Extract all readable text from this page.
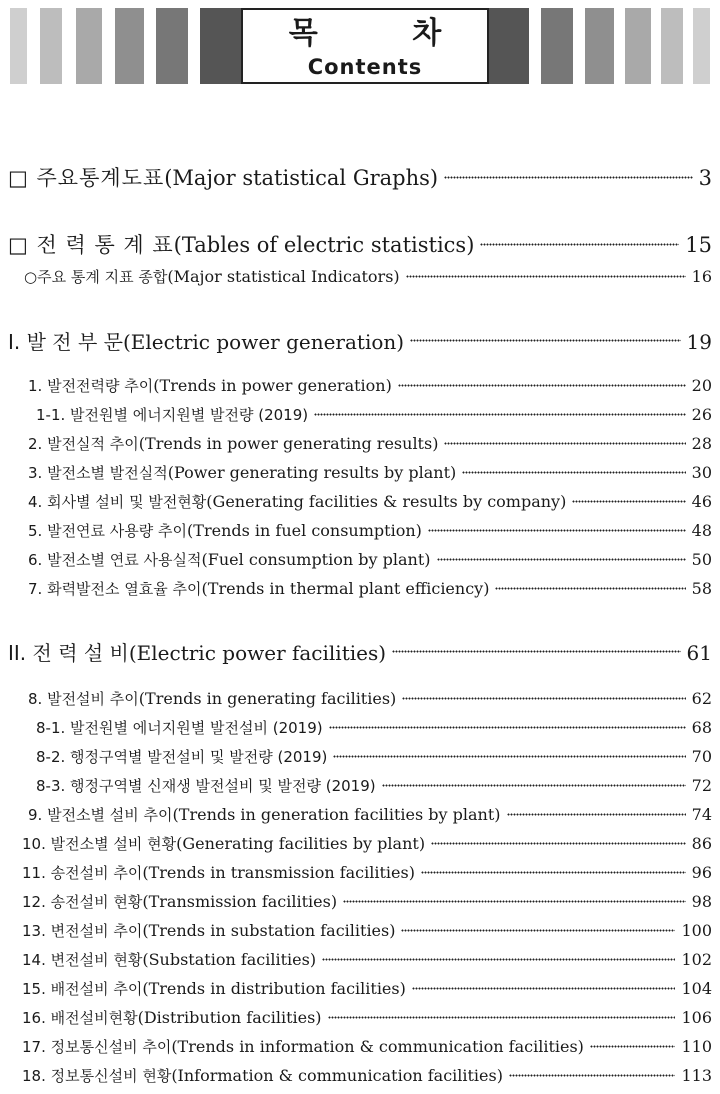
목 차
Contents
□ 주요통계도표 (Major statistical Graphs)	3
□ 전 력 통 계 표 (Tables of electric statistics)	15
○주요 통계 지표 종합 (Major statistical Indicators)	16
I. 발 전 부 문 (Electric power generation)	19
1. 발전전력량 추이 (Trends in power generation)	20
1-1. 발전원별 에너지원별 발전량 (2019)	26
2. 발전실적 추이 (Trends in power generating results)	28
3. 발전소별 발전실적 (Power generating results by plant)	30
4. 회사별 설비 및 발전현황 (Generating facilities & results by company)	46
5. 발전연료 사용량 추이 (Trends in fuel consumption)	48
6. 발전소별 연료 사용실적 (Fuel consumption by plant)	50
7. 화력발전소 열효율 추이 (Trends in thermal plant efficiency)	58
II. 전 력 설 비 (Electric power facilities)	61
8. 발전설비 추이 (Trends in generating facilities)	62
8-1. 발전원별 에너지원별 발전설비 (2019)	68
8-2. 행정구역별 발전설비 및 발전량 (2019)	70
8-3. 행정구역별 신재생 발전설비 및 발전량 (2019)	72
9. 발전소별 설비 추이 (Trends in generation facilities by plant)	74
10. 발전소별 설비 현황 (Generating facilities by plant)	86
11. 송전설비 추이 (Trends in transmission facilities)	96
12. 송전설비 현황 (Transmission facilities)	98
13. 변전설비 추이 (Trends in substation facilities)	100
14. 변전설비 현황 (Substation facilities)	102
15. 배전설비 추이 (Trends in distribution facilities)	104
16. 배전설비현황 (Distribution facilities)	106
17. 정보통신설비 추이 (Trends in information & communication facilities)	110
18. 정보통신설비 현황 (Information & communication facilities)	113
